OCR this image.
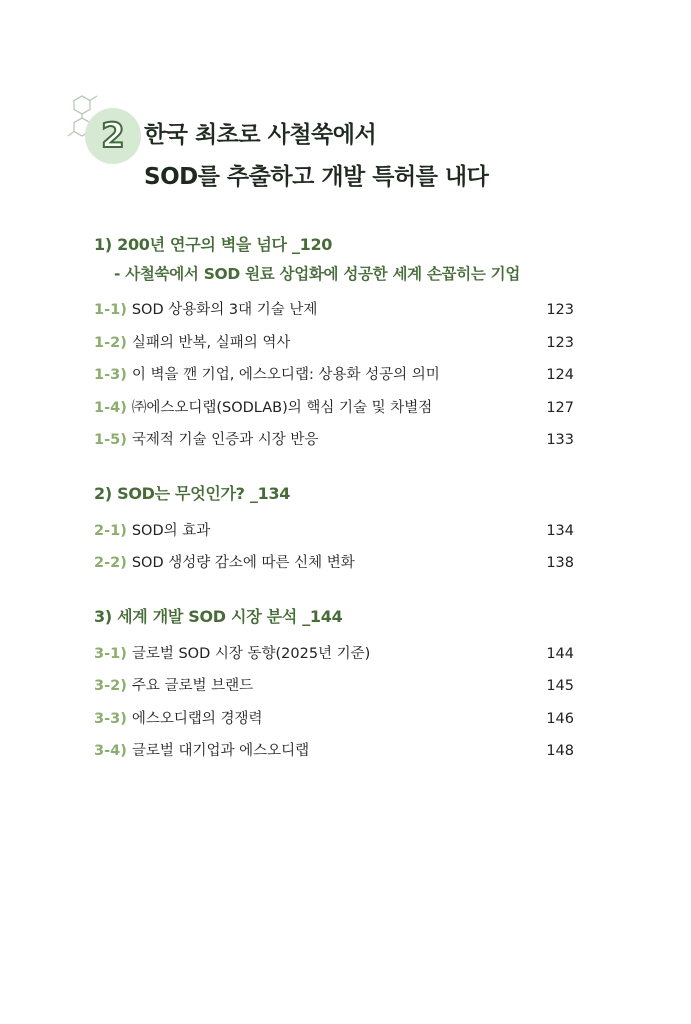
2 한국 최초로 사철쑥에서
SOD를 추출하고 개발 특허를 내다
1) 200년 연구의 벽을 넘다 _120
- 사철쑥에서 SOD 원료 상업화에 성공한 세계 손꼽히는 기업
1-1) SOD 상용화의 3대 기술 난제	123
1-2) 실패의 반복, 실패의 역사	123
1-3) 이 벽을 깬 기업, 에스오디랩: 상용화 성공의 의미	124
1-4) ㈜에스오디랩(SODLAB)의 핵심 기술 및 차별점	127
1-5) 국제적 기술 인증과 시장 반응	133
2) SOD는 무엇인가? _134
2-1) SOD의 효과	134
2-2) SOD 생성량 감소에 따른 신체 변화	138
3) 세계 개발 SOD 시장 분석 _144
3-1) 글로벌 SOD 시장 동향(2025년 기준)	144
3-2) 주요 글로벌 브랜드	145
3-3) 에스오디랩의 경쟁력	146
3-4) 글로벌 대기업과 에스오디랩	148
